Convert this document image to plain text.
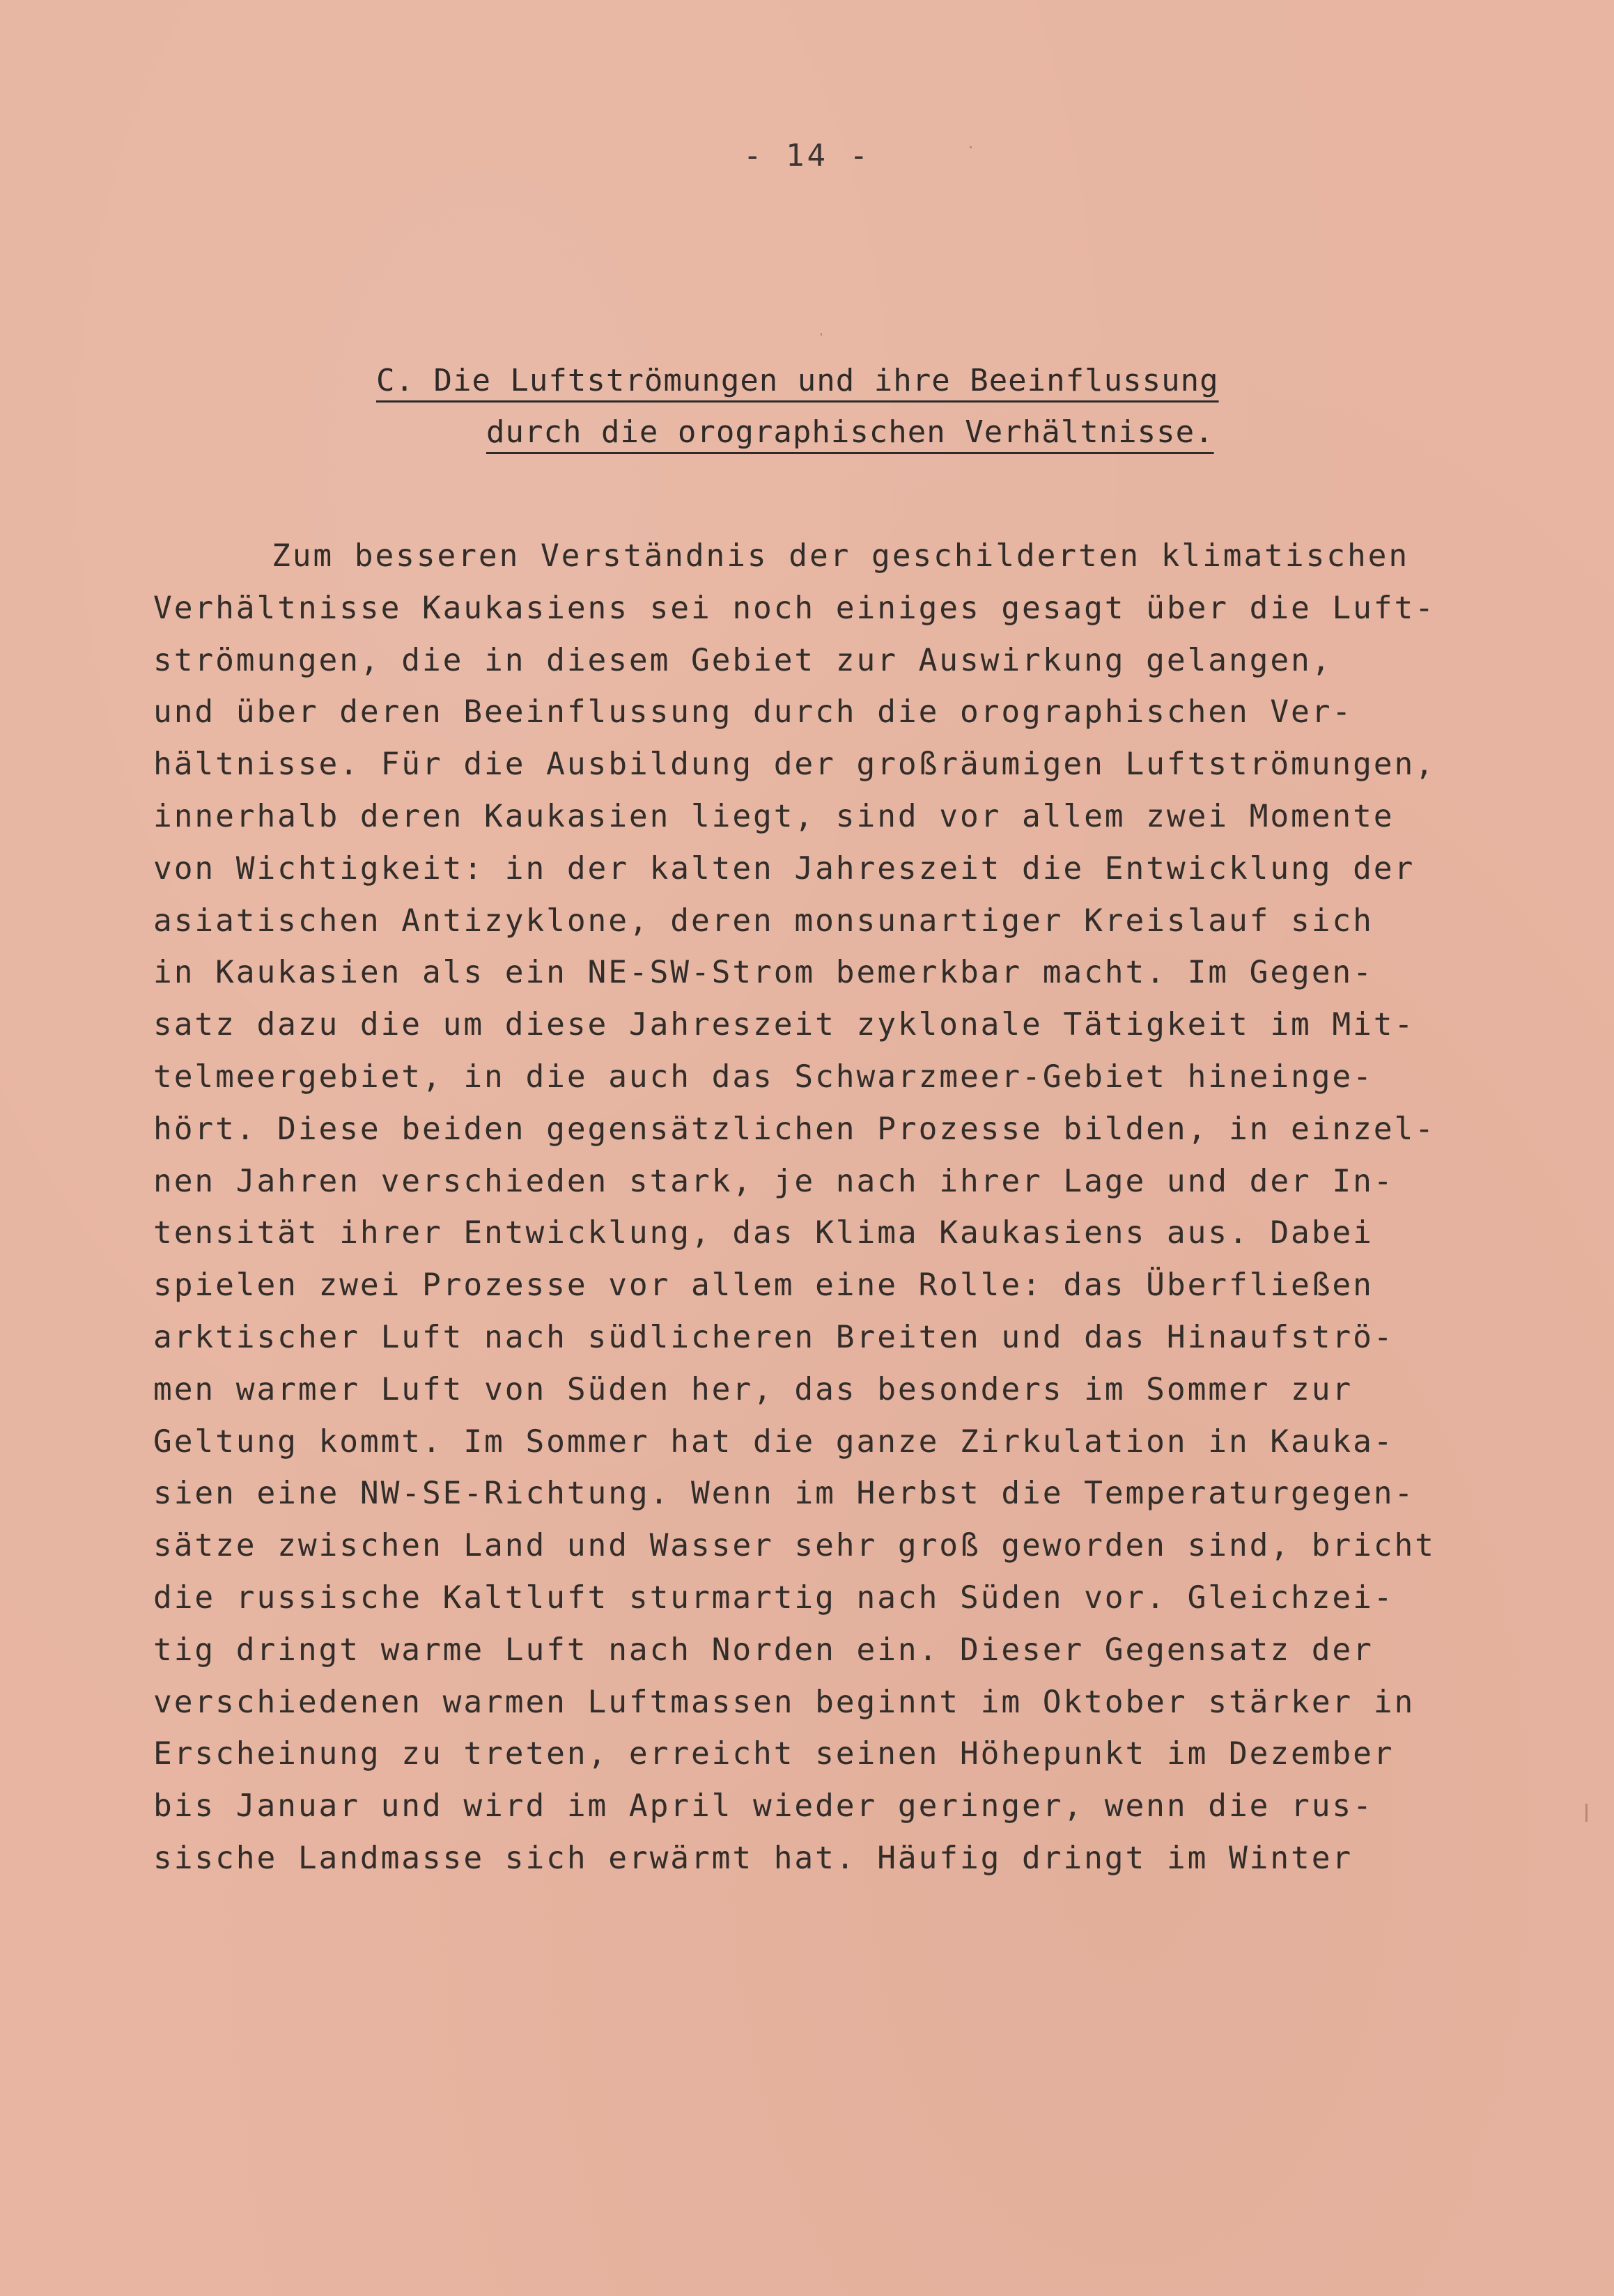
- 14 -
C. Die Luftströmungen und ihre Beeinflussung
durch die orographischen Verhältnisse.
Zum besseren Verständnis der geschilderten klimatischen
Verhältnisse Kaukasiens sei noch einiges gesagt über die Luft-
strömungen, die in diesem Gebiet zur Auswirkung gelangen,
und über deren Beeinflussung durch die orographischen Ver-
hältnisse. Für die Ausbildung der großräumigen Luftströmungen,
innerhalb deren Kaukasien liegt, sind vor allem zwei Momente
von Wichtigkeit: in der kalten Jahreszeit die Entwicklung der
asiatischen Antizyklone, deren monsunartiger Kreislauf sich
in Kaukasien als ein NE-SW-Strom bemerkbar macht. Im Gegen-
satz dazu die um diese Jahreszeit zyklonale Tätigkeit im Mit-
telmeergebiet, in die auch das Schwarzmeer-Gebiet hineinge-
hört. Diese beiden gegensätzlichen Prozesse bilden, in einzel-
nen Jahren verschieden stark, je nach ihrer Lage und der In-
tensität ihrer Entwicklung, das Klima Kaukasiens aus. Dabei
spielen zwei Prozesse vor allem eine Rolle: das Überfließen
arktischer Luft nach südlicheren Breiten und das Hinaufströ-
men warmer Luft von Süden her, das besonders im Sommer zur
Geltung kommt. Im Sommer hat die ganze Zirkulation in Kauka-
sien eine NW-SE-Richtung. Wenn im Herbst die Temperaturgegen-
sätze zwischen Land und Wasser sehr groß geworden sind, bricht
die russische Kaltluft sturmartig nach Süden vor. Gleichzei-
tig dringt warme Luft nach Norden ein. Dieser Gegensatz der
verschiedenen warmen Luftmassen beginnt im Oktober stärker in
Erscheinung zu treten, erreicht seinen Höhepunkt im Dezember
bis Januar und wird im April wieder geringer, wenn die rus-
sische Landmasse sich erwärmt hat. Häufig dringt im Winter
